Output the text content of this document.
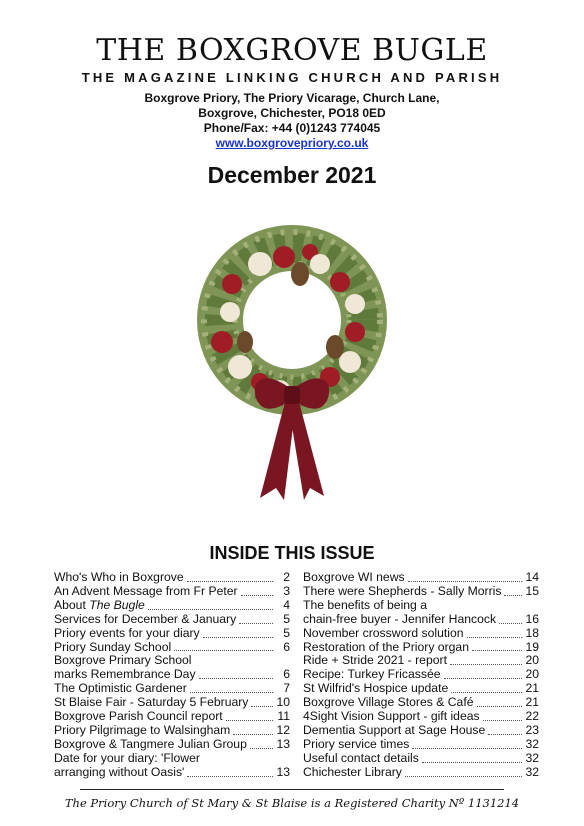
THE BOXGROVE BUGLE
THE MAGAZINE LINKING CHURCH AND PARISH
Boxgrove Priory, The Priory Vicarage, Church Lane,
Boxgrove, Chichester, PO18 0ED
Phone/Fax: +44 (0)1243 774045
www.boxgrovepriory.co.uk
December 2021
INSIDE THIS ISSUE
Who's Who in Boxgrove	2
An Advent Message from Fr Peter	3
About The Bugle	4
Services for December & January	5
Priory events for your diary	5
Priory Sunday School	6
Boxgrove Primary School
marks Remembrance Day	6
The Optimistic Gardener	7
St Blaise Fair - Saturday 5 February 10
Boxgrove Parish Council report	11
Priory Pilgrimage to Walsingham	12
Boxgrove & Tangmere Julian Group 13
Date for your diary: 'Flower
arranging without Oasis'	13
Boxgrove WI news	14
There were Shepherds - Sally Morris 15
The benefits of being a
chain-free buyer - Jennifer Hancock 16
November crossword solution	18
Restoration of the Priory organ	19
Ride + Stride 2021 - report	20
Recipe: Turkey Fricassée	20
St Wilfrid's Hospice update	21
Boxgrove Village Stores & Café	21
4Sight Vision Support - gift ideas	22
Dementia Support at Sage House	23
Priory service times	32
Useful contact details	32
Chichester Library	32
The Priory Church of St Mary & St Blaise is a Registered Charity Nº 1131214
